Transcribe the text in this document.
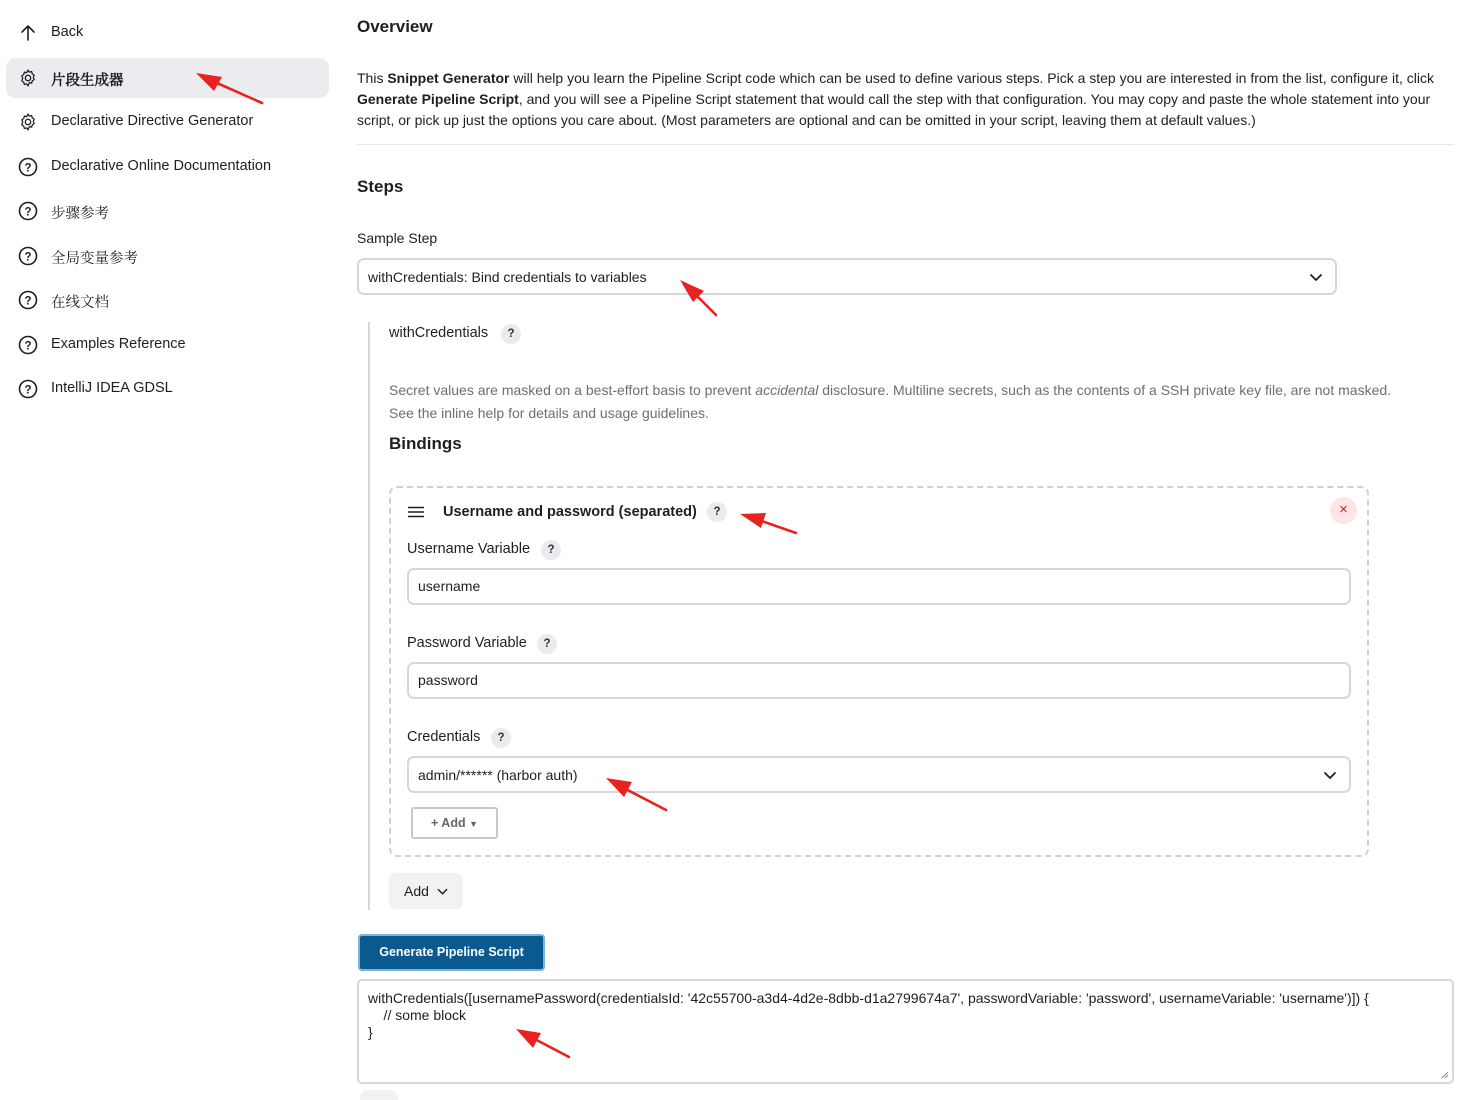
Back
片段生成器
Declarative Directive Generator
? Declarative Online Documentation
? 步骤参考
? 全局变量参考
? 在线文档
? Examples Reference
? IntelliJ IDEA GDSL
Overview
This Snippet Generator will help you learn the Pipeline Script code which can be used to define various steps. Pick a step you are interested in from the list, configure it, click Generate Pipeline Script, and you will see a Pipeline Script statement that would call the step with that configuration. You may copy and paste the whole statement into your script, or pick up just the options you care about. (Most parameters are optional and can be omitted in your script, leaving them at default values.)
Steps
Sample Step
withCredentials: Bind credentials to variables
withCredentials	?
Secret values are masked on a best-effort basis to prevent accidental disclosure. Multiline secrets, such as the contents of a SSH private key file, are not masked.
See the inline help for details and usage guidelines.
Bindings
Username and password (separated)	?	×
Username Variable	?
username
Password Variable	?
password
Credentials	?
admin/****** (harbor auth)
+ Add ▼
Add
Generate Pipeline Script
withCredentials([usernamePassword(credentialsId: '42c55700-a3d4-4d2e-8dbb-d1a2799674a7', passwordVariable: 'password', usernameVariable: 'username')]) {
// some block
}
